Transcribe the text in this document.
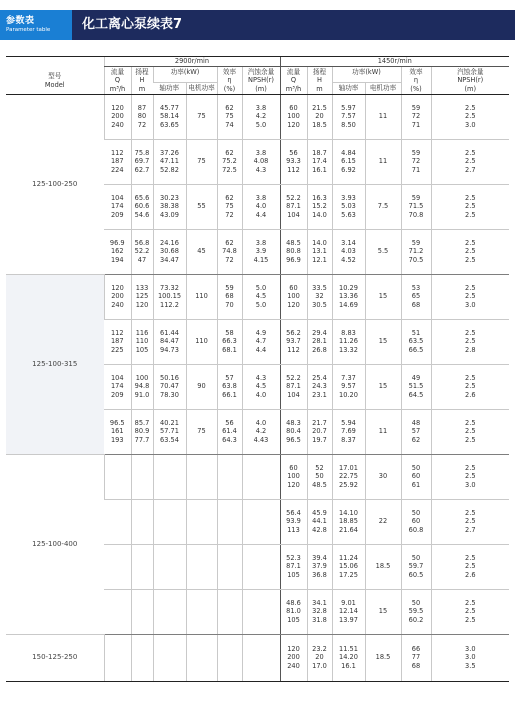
参数表
Parameter table	化工离心泵续表7
	2900r/min						1450r/min					

型号
Model	流量
Q
m³/h	扬程
H
m	功率(kW)		效率
η
(%)	汽蚀余量
NPSH(r)
(m)	流量
Q
m³/h	扬程
H
m	功率(kW)		效率
η
(%)	汽蚀余量
NPSH(r)
(m)

			轴功率	电机功率					轴功率	电机功率		
125-100-250	120
200
240	87
80
72	45.77
58.14
63.65	75	62
75
74	3.8
4.2
5.0	60
100
120	21.5
20
18.5	5.97
7.57
8.50	11	59
72
71	2.5
2.5
3.0

	112
187
224	75.8
69.7
62.7	37.26
47.11
52.82	75	62
75.2
72.5	3.8
4.08
4.3	56
93.3
112	18.7
17.4
16.1	4.84
6.15
6.92	11	59
72
71	2.5
2.5
2.7

	104
174
209	65.6
60.6
54.6	30.23
38.38
43.09	55	62
75
72	3.8
4.0
4.4	52.2
87.1
104	16.3
15.2
14.0	3.93
5.03
5.63	7.5	59
71.5
70.8	2.5
2.5
2.5

	96.9
162
194	56.8
52.2
47	24.16
30.68
34.47	45	62
74.8
72	3.8
3.9
4.15	48.5
80.8
96.9	14.0
13.1
12.1	3.14
4.03
4.52	5.5	59
71.2
70.5	2.5
2.5
2.5

125-100-315	120
200
240	133
125
120	73.32
100.15
112.2	110	59
68
70	5.0
4.5
5.0	60
100
120	33.5
32
30.5	10.29
13.36
14.69	15	53
65
68	2.5
2.5
3.0

	112
187
225	116
110
105	61.44
84.47
94.73	110	58
66.3
68.1	4.9
4.7
4.4	56.2
93.7
112	29.4
28.1
26.8	8.83
11.26
13.32	15	51
63.5
66.5	2.5
2.5
2.8

	104
174
209	100
94.8
91.0	50.16
70.47
78.30	90	57
63.8
66.1	4.3
4.5
4.0	52.2
87.1
104	25.4
24.3
23.1	7.37
9.57
10.20	15	49
51.5
64.5	2.5
2.5
2.6

	96.5
161
193	85.7
80.9
77.7	40.21
57.71
63.54	75	56
61.4
64.3	4.0
4.2
4.43	48.3
80.4
96.5	21.7
20.7
19.7	5.94
7.69
8.37	11	48
57
62	2.5
2.5
2.5

125-100-400							60
100
120	52
50
48.5	17.01
22.75
25.92	30	50
60
61	2.5
2.5
3.0

							56.4
93.9
113	45.9
44.1
42.8	14.10
18.85
21.64	22	50
60
60.8	2.5
2.5
2.7

							52.3
87.1
105	39.4
37.9
36.8	11.24
15.06
17.25	18.5	50
59.7
60.5	2.5
2.5
2.6

							48.6
81.0
105	34.1
32.8
31.8	9.01
12.14
13.97	15	50
59.5
60.2	2.5
2.5
2.5

150-125-250							120
200
240	23.2
20
17.0	11.51
14.20
16.1	18.5	66
77
68	3.0
3.0
3.5
